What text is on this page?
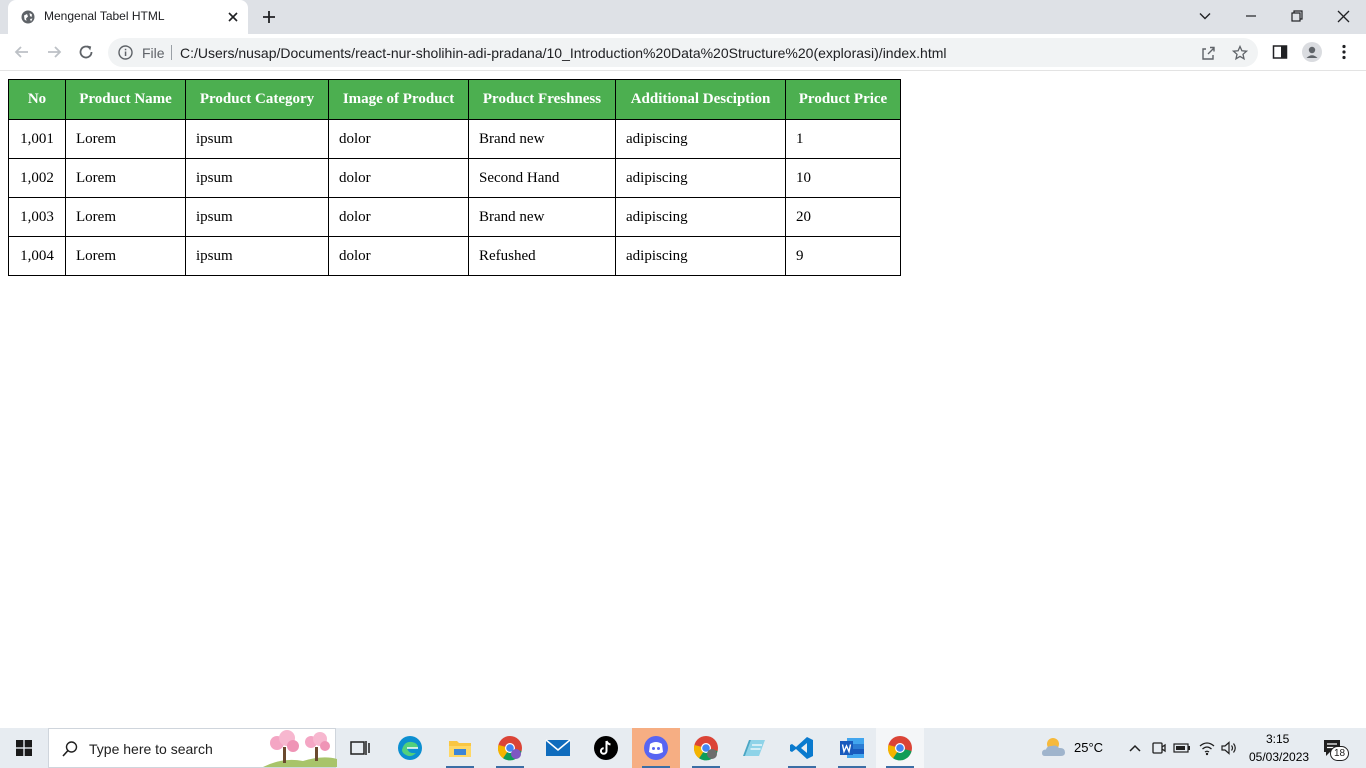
Mengenal Tabel HTML
File C:/Users/nusap/Documents/react-nur-sholihin-adi-pradana/10_Introduction%20Data%20Structure%20(explorasi)/index.html
No	Product Name	Product Category	Image of Product	Product Freshness	Additional Desciption	Product Price
1,001	Lorem	ipsum	dolor	Brand new	adipiscing	1
1,002	Lorem	ipsum	dolor	Second Hand	adipiscing	10
1,003	Lorem	ipsum	dolor	Brand new	adipiscing	20
1,004	Lorem	ipsum	dolor	Refushed	adipiscing	9
Type here to search	25°C
3:15
05/03/2023	18
